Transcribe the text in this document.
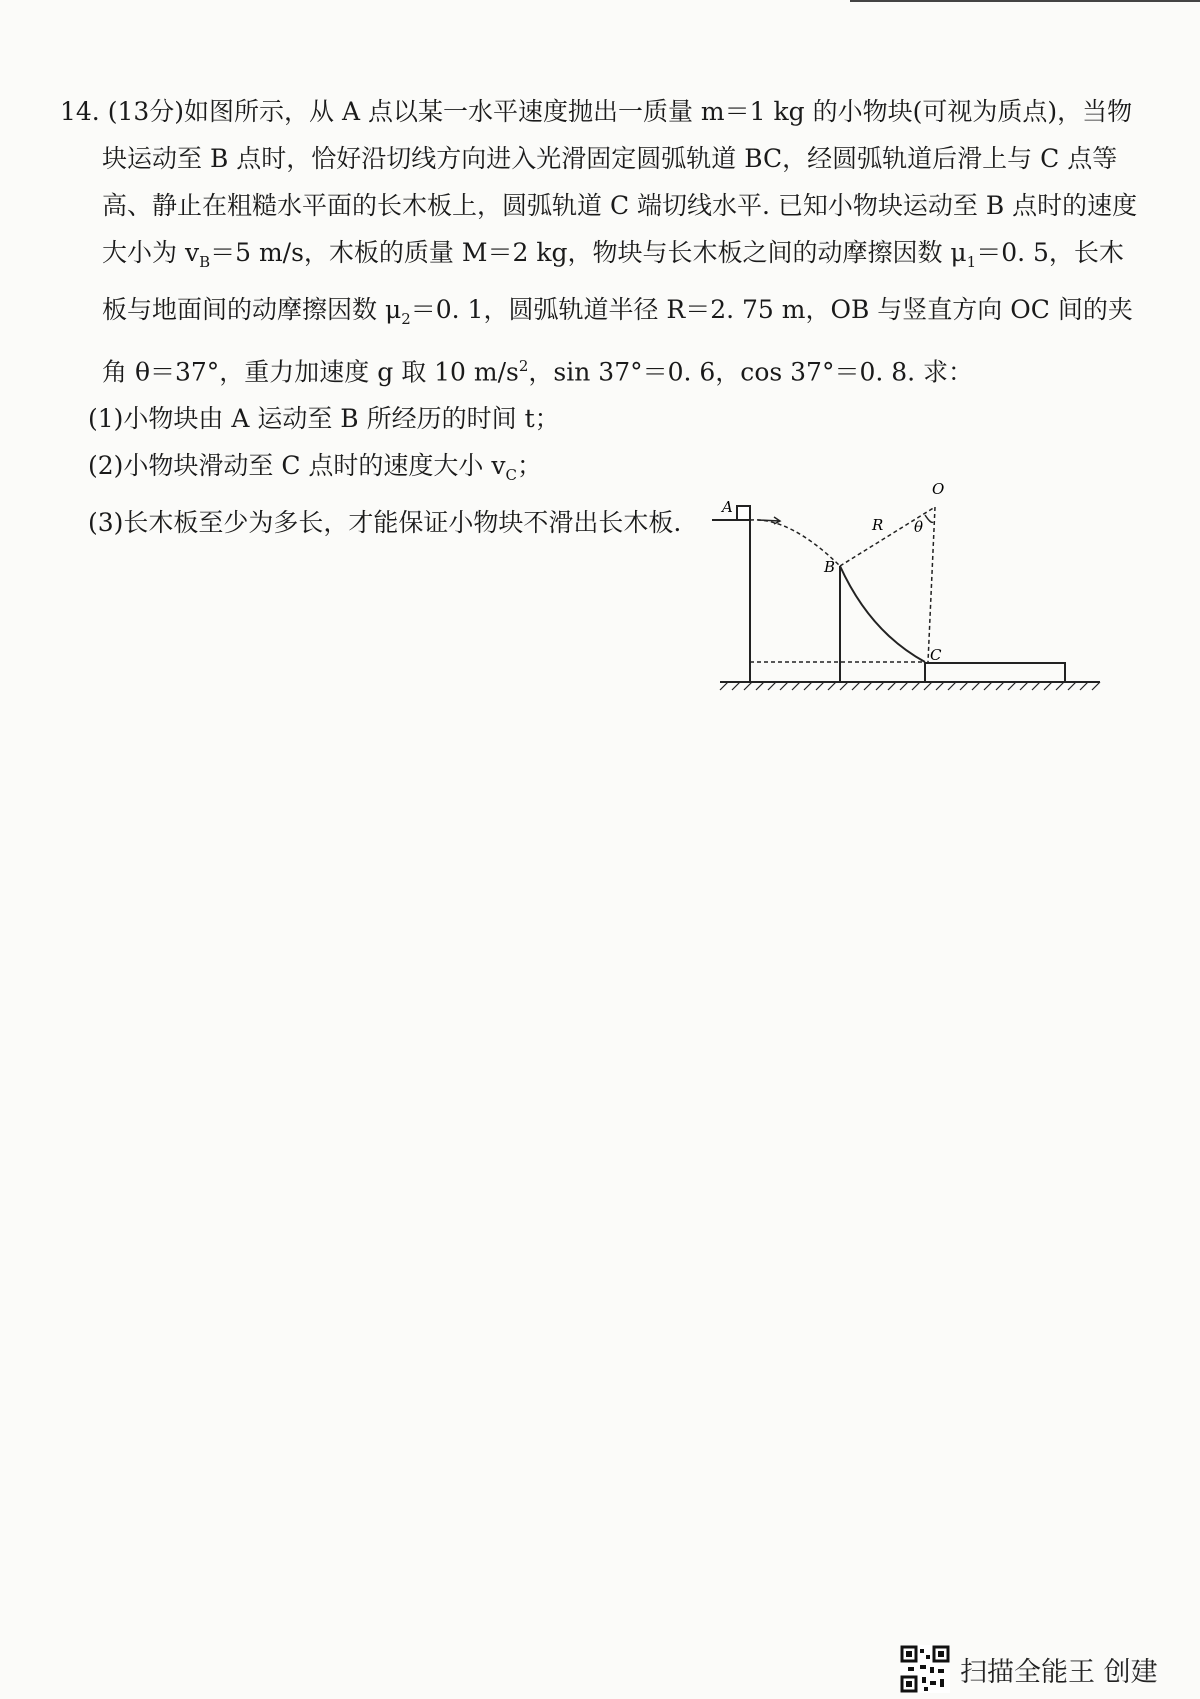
14. (13分)如图所示，从 A 点以某一水平速度抛出一质量 m＝1 kg 的小物块(可视为质点)，当物块运动至 B 点时，恰好沿切线方向进入光滑固定圆弧轨道 BC，经圆弧轨道后滑上与 C 点等高、静止在粗糙水平面的长木板上，圆弧轨道 C 端切线水平. 已知小物块运动至 B 点时的速度大小为 $v_B=5$ m/s，木板的质量 M＝2 kg，物块与长木板之间的动摩擦因数 $\mu_1=0$. 5，长木板与地面间的动摩擦因数 $\mu_2=0$. 1，圆弧轨道半径 R＝2. 75 m，OB 与竖直方向 OC 间的夹角 θ＝37°，重力加速度 g 取 10 $m/s^2$，sin 37°＝0. 6，cos 37°＝0. 8. 求：

(1)小物块由 A 运动至 B 所经历的时间 t；

(2)小物块滑动至 C 点时的速度大小 $v_C$；

(3)长木板至少为多长，才能保证小物块不滑出长木板.

A
B
C
O
R θ
扫描全能王 创建
